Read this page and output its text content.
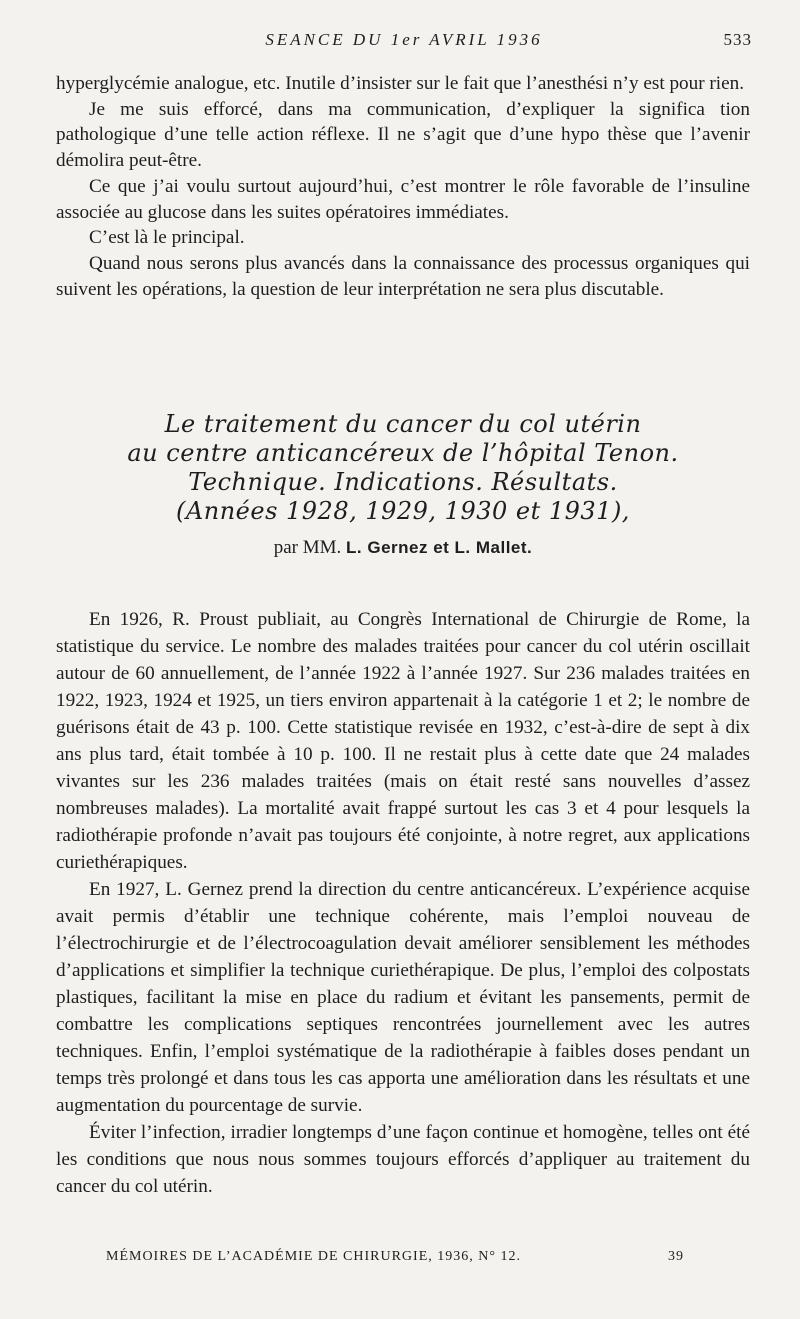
SEANCE DU 1er AVRIL 1936	533

hyperglycémie analogue, etc. Inutile d’insister sur le fait que l’anesthési n’y est pour rien.

Je me suis efforcé, dans ma communication, d’expliquer la significa tion pathologique d’une telle action réflexe. Il ne s’agit que d’une hypo thèse que l’avenir démolira peut-être.

Ce que j’ai voulu surtout aujourd’hui, c’est montrer le rôle favorable de l’insuline associée au glucose dans les suites opératoires immédiates.

C’est là le principal.

Quand nous serons plus avancés dans la connaissance des processus organiques qui suivent les opérations, la question de leur interprétation ne sera plus discutable.

Le traitement du cancer du col utérin
au centre anticancéreux de l’hôpital Tenon.
Technique. Indications. Résultats.
(Années 1928, 1929, 1930 et 1931),
par MM. L. Gernez et L. Mallet.

En 1926, R. Proust publiait, au Congrès International de Chirurgie de Rome, la statistique du service. Le nombre des malades traitées pour cancer du col utérin oscillait autour de 60 annuellement, de l’année 1922 à l’année 1927. Sur 236 malades traitées en 1922, 1923, 1924 et 1925, un tiers environ appartenait à la catégorie 1 et 2; le nombre de guérisons était de 43 p. 100. Cette statistique revisée en 1932, c’est-à-dire de sept à dix ans plus tard, était tombée à 10 p. 100. Il ne restait plus à cette date que 24 malades vivantes sur les 236 malades traitées (mais on était resté sans nouvelles d’assez nombreuses malades). La mortalité avait frappé surtout les cas 3 et 4 pour lesquels la radiothérapie profonde n’avait pas toujours été conjointe, à notre regret, aux applications curiethérapiques.

En 1927, L. Gernez prend la direction du centre anticancéreux. L’expérience acquise avait permis d’établir une technique cohérente, mais l’emploi nouveau de l’électrochirurgie et de l’électrocoagulation devait améliorer sensiblement les méthodes d’applications et simplifier la technique curiethérapique. De plus, l’emploi des colpostats plastiques, facilitant la mise en place du radium et évitant les pansements, permit de combattre les complications septiques rencontrées journellement avec les autres techniques. Enfin, l’emploi systématique de la radiothérapie à faibles doses pendant un temps très prolongé et dans tous les cas apporta une amélioration dans les résultats et une augmentation du pourcentage de survie.

Éviter l’infection, irradier longtemps d’une façon continue et homogène, telles ont été les conditions que nous nous sommes toujours efforcés d’appliquer au traitement du cancer du col utérin.

MÉMOIRES DE L’ACADÉMIE DE CHIRURGIE, 1936, N° 12.	39
